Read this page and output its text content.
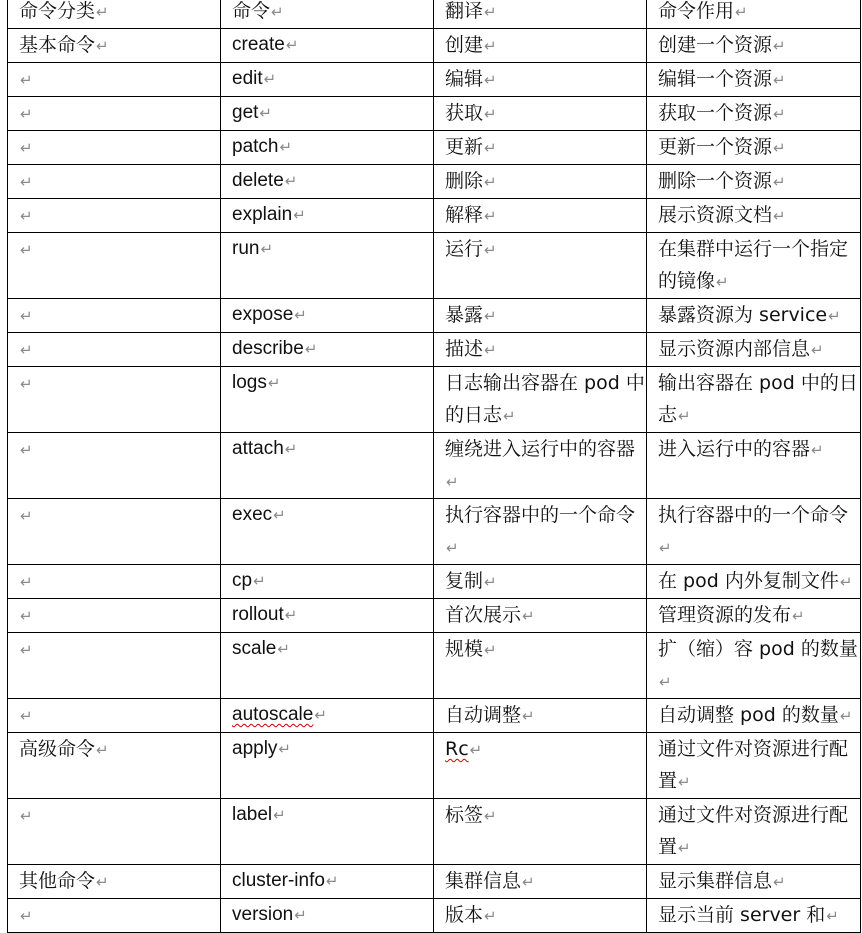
命令分类↵	命令↵	翻译↵	命令作用↵
基本命令↵	create↵	创建↵	创建一个资源↵
↵	edit↵	编辑↵	编辑一个资源↵
↵	get↵	获取↵	获取一个资源↵
↵	patch↵	更新↵	更新一个资源↵
↵	delete↵	删除↵	删除一个资源↵
↵	explain↵	解释↵	展示资源文档↵
↵	run↵	运行↵	在集群中运行一个指定的镜像↵
↵	expose↵	暴露↵	暴露资源为 service↵
↵	describe↵	描述↵	显示资源内部信息↵
↵	logs↵	日志输出容器在 pod 中的日志↵	输出容器在 pod 中的日志↵
↵	attach↵	缠绕进入运行中的容器↵	进入运行中的容器↵
↵	exec↵	执行容器中的一个命令↵	执行容器中的一个命令↵
↵	cp↵	复制↵	在 pod 内外复制文件↵
↵	rollout↵	首次展示↵	管理资源的发布↵
↵	scale↵	规模↵	扩（缩）容 pod 的数量↵
↵	autoscale↵	自动调整↵	自动调整 pod 的数量↵
高级命令↵	apply↵	Rc↵	通过文件对资源进行配置↵
↵	label↵	标签↵	通过文件对资源进行配置↵
其他命令↵	cluster-info↵	集群信息↵	显示集群信息↵
↵	version↵	版本↵	显示当前 server 和↵
